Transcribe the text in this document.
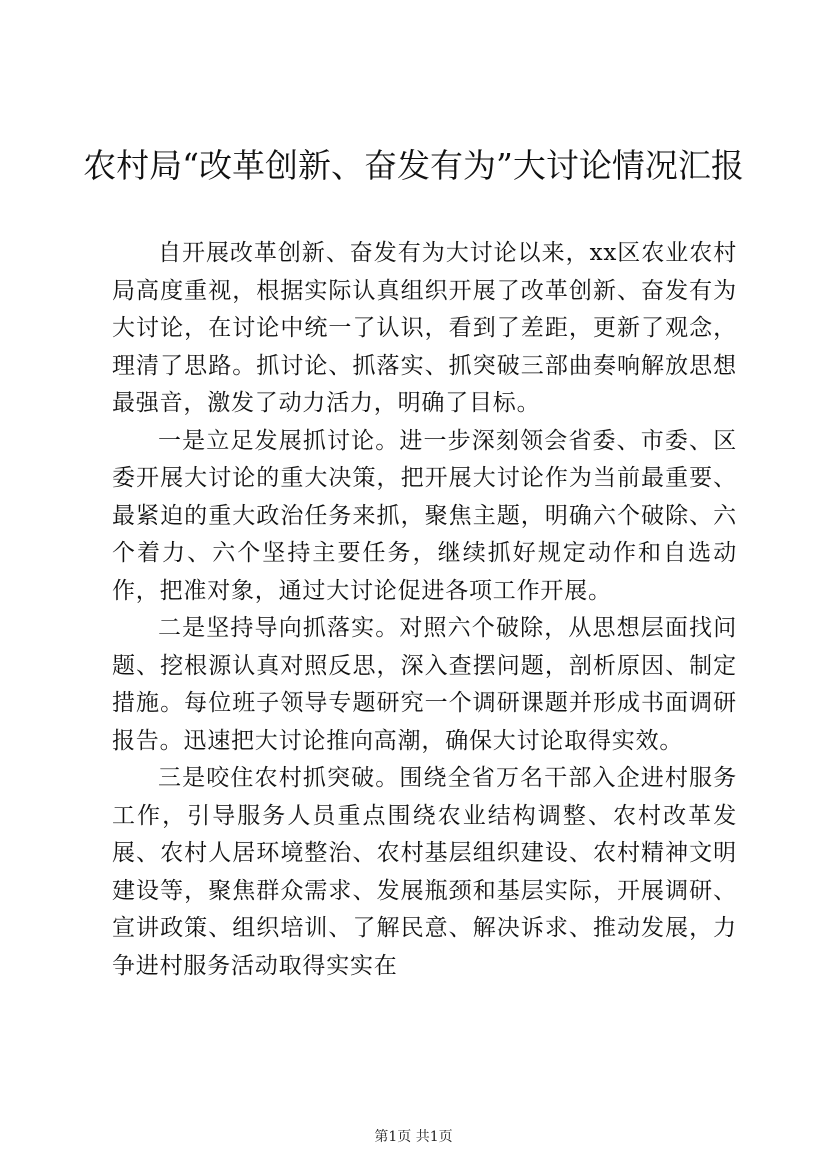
农村局“改革创新、奋发有为”大讨论情况汇报

自开展改革创新、奋发有为大讨论以来，xx区农业农村局高度重视，根据实际认真组织开展了改革创新、奋发有为大讨论，在讨论中统一了认识，看到了差距，更新了观念，理清了思路。抓讨论、抓落实、抓突破三部曲奏响解放思想最强音，激发了动力活力，明确了目标。

一是立足发展抓讨论。进一步深刻领会省委、市委、区委开展大讨论的重大决策，把开展大讨论作为当前最重要、最紧迫的重大政治任务来抓，聚焦主题，明确六个破除、六个着力、六个坚持主要任务，继续抓好规定动作和自选动作，把准对象，通过大讨论促进各项工作开展。

二是坚持导向抓落实。对照六个破除，从思想层面找问题、挖根源认真对照反思，深入查摆问题，剖析原因、制定措施。每位班子领导专题研究一个调研课题并形成书面调研报告。迅速把大讨论推向高潮，确保大讨论取得实效。

三是咬住农村抓突破。围绕全省万名干部入企进村服务工作，引导服务人员重点围绕农业结构调整、农村改革发展、农村人居环境整治、农村基层组织建设、农村精神文明建设等，聚焦群众需求、发展瓶颈和基层实际，开展调研、宣讲政策、组织培训、了解民意、解决诉求、推动发展，力争进村服务活动取得实实在

第1页 共1页
